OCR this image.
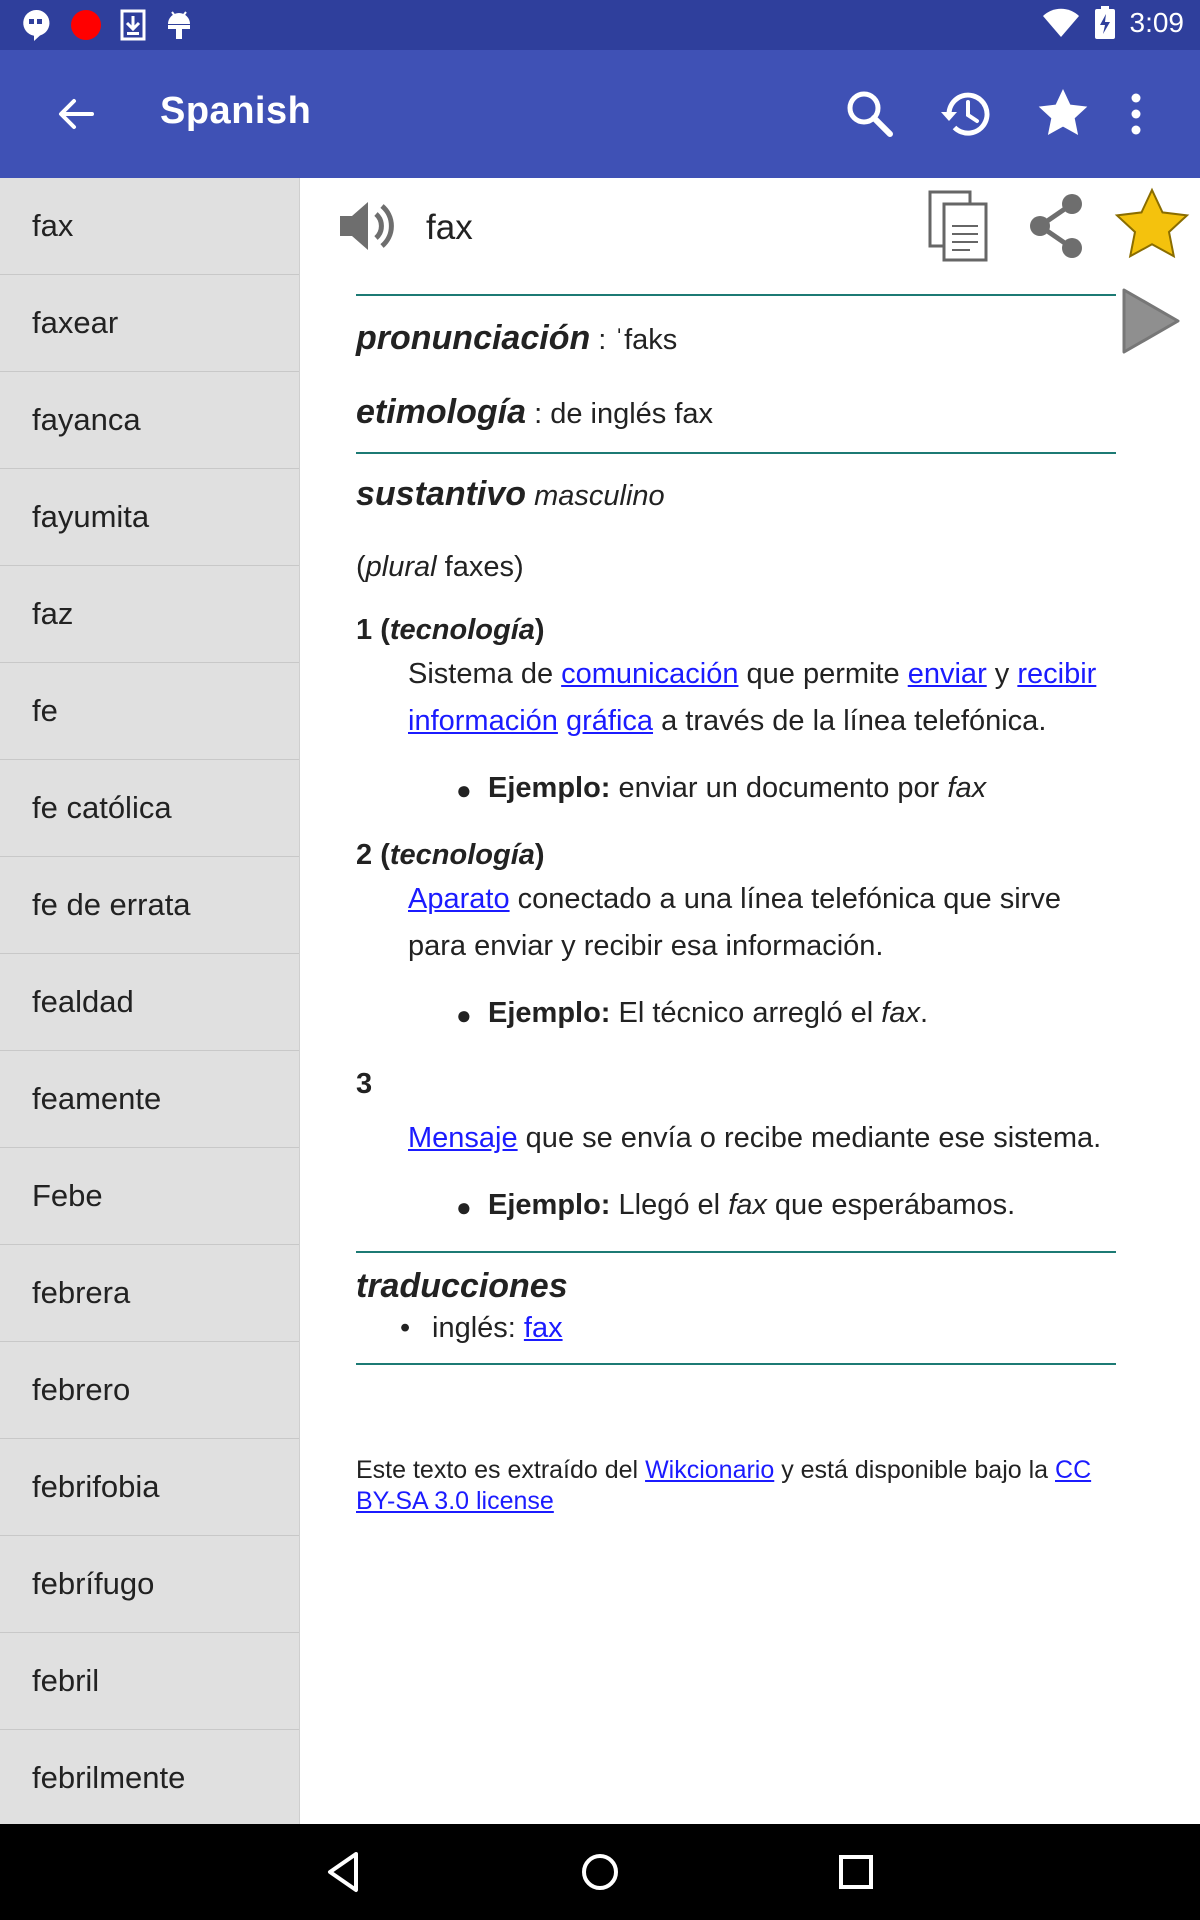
3:09
Spanish
fax
faxear
fayanca
fayumita
faz
fe
fe católica
fe de errata
fealdad
feamente
Febe
febrera
febrero
febrifobia
febrífugo
febril
febrilmente
fax
pronunciación : ˈfaks
etimología : de inglés fax
sustantivo masculino
(plural faxes)
1 (tecnología)
Sistema de comunicación que permite enviar y recibir información gráfica a través de la línea telefónica.
● Ejemplo: enviar un documento por fax
2 (tecnología)
Aparato conectado a una línea telefónica que sirve para enviar y recibir esa información.
● Ejemplo: El técnico arregló el fax.
3
Mensaje que se envía o recibe mediante ese sistema.
● Ejemplo: Llegó el fax que esperábamos.
traducciones
• inglés:
fax
Este texto es extraído del Wikcionario y está disponible bajo la CC BY-SA 3.0 license
